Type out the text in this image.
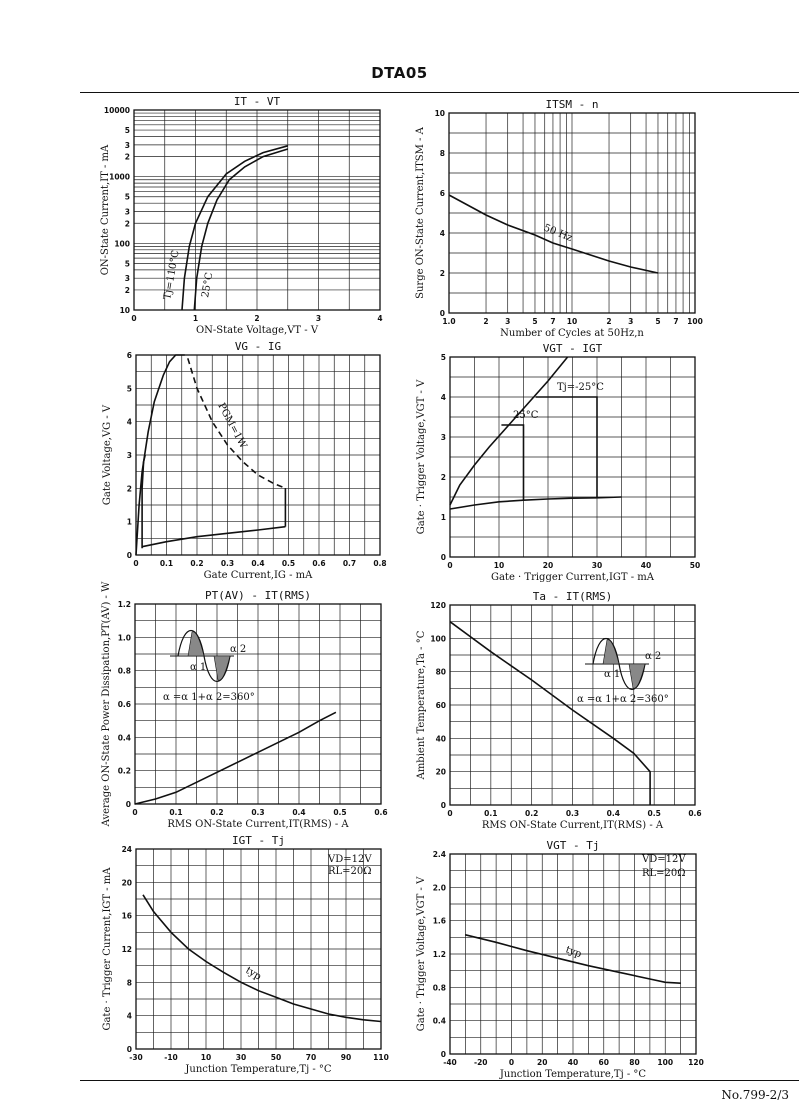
DTA05
No.799-2/3
0	1	2	3	4
10
2
3
5
100
2
3
5
1000
2
3
5
10000
IT - VT
ON-State Voltage,VT - V
ON-State Current,IT - mA	Tj=110°C 25°C
1.0	2 3	5 7 10	2 3	5 7 100
0
2
4
6
8
10
ITSM - n
Number of Cycles at 50Hz,n
Surge ON-State Current,ITSM - A	50 Hz
0	0.1 0.2 0.3 0.4 0.5 0.6 0.7 0.8
0
1
2
3
4
5
6
VG - IG
Gate Current,IG - mA
Gate Voltage,VG - V	PGM=1W
0	10	20	30	40	50
0
1
2
3
4
5
VGT - IGT
Gate · Trigger Current,IGT - mA
Gate · Trigger Voltage,VGT - V	Tj=-25°C
25°C
0	0.1	0.2	0.3	0.4	0.5	0.6
0
0.2
0.4
0.6
0.8
1.0
1.2
PT(AV) - IT(RMS)
RMS ON-State Current,IT(RMS) - A
Average ON-State Power Dissipation,PT(AV) - W	α 1
α 2
α =α 1+α 2=360°
0	0.1	0.2	0.3	0.4	0.5	0.6
0
20
40
60
80
100
120
Ta - IT(RMS)
RMS ON-State Current,IT(RMS) - A
Ambient Temperature,Ta - °C	α 1
α 2
α =α 1+α 2=360°
-30	-10	10	30	50	70	90	110
0
4
8
12
16
20
24
IGT - Tj
Junction Temperature,Tj - °C
Gate · Trigger Current,IGT - mA
VD=12V
RL=20Ω
typ
-40 -20	0	20	40	60	80 100 120
0
0.4
0.8
1.2
1.6
2.0
2.4
VGT - Tj
Junction Temperature,Tj - °C
Gate · Trigger Voltage,VGT - V
VD=12V
RL=20Ω
typ
